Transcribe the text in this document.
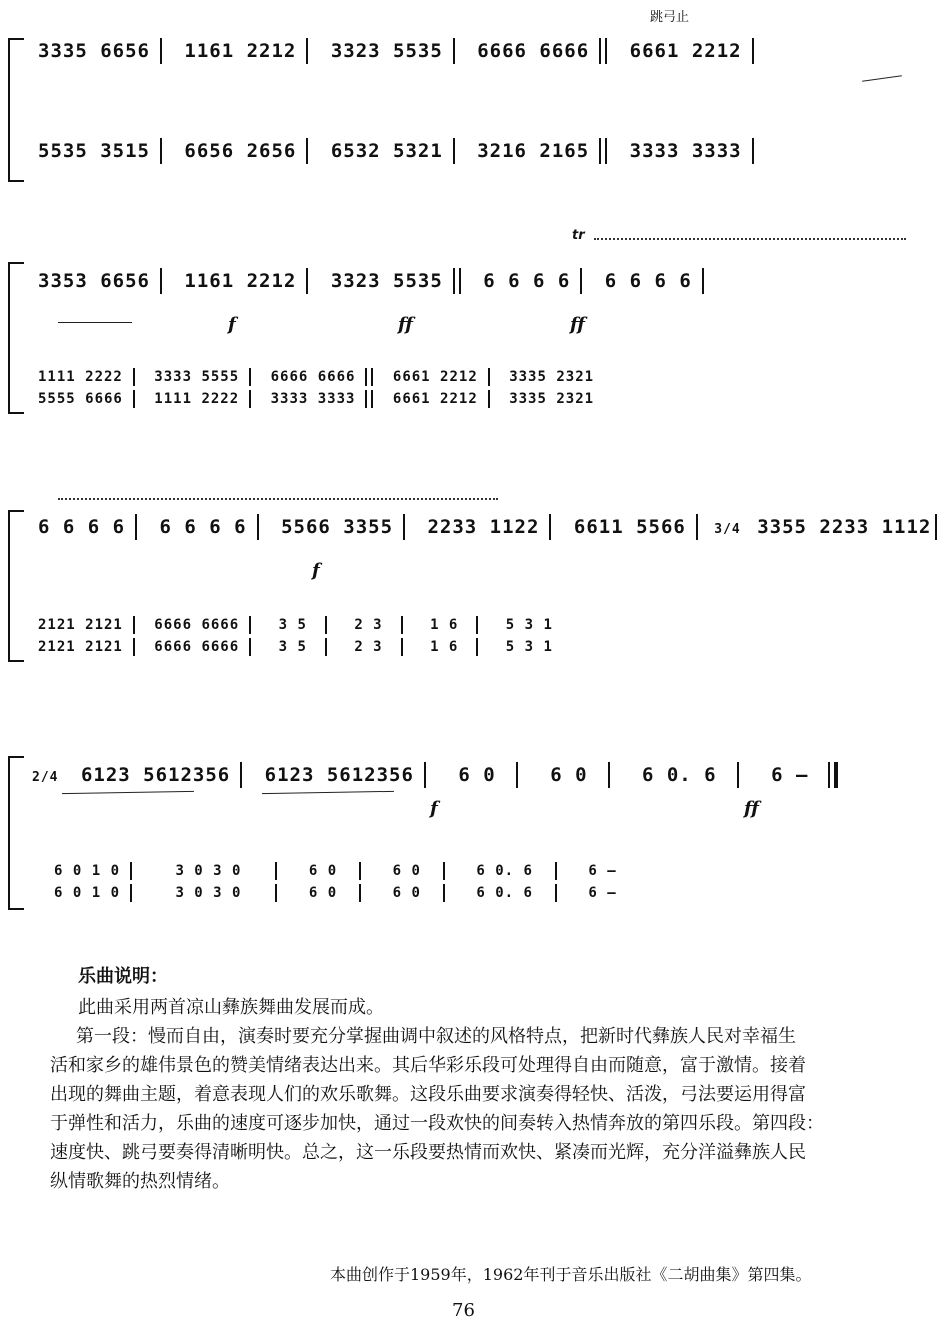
跳弓止
3335 6656 1161 2212 3323 5535 6666 6666 6661 2212
5535 3515 6656 2656 6532 5321 3216 2165 3333 3333
tr
3353 6656 1161 2212 3323 5535 6 6 6 6 6 6 6 6
f	ff	ff
1111 2222 3333 5555 6666 6666	6661 2212 3335 2321
5555 6666 1111 2222 3333 3333	6661 2212 3335 2321
6 6 6 6 6 6 6 6 5566 3355 2233 1122 6611 5566 3/4 3355 2233 1112
f
2121 2121 6666 6666	3 5	2 3	1 6	5 3 1
2121 2121 6666 6666	3 5	2 3	1 6	5 3 1
2/4 6123 5612356 6123 5612356 6 0	6 0	6 0. 6	6 –
f	ff
6 0 1 0	3 0 3 0	6 0	6 0	6 0. 6	6 –
6 0 1 0	3 0 3 0	6 0	6 0	6 0. 6	6 –
乐曲说明：

此曲采用两首凉山彝族舞曲发展而成。

第一段：慢而自由，演奏时要充分掌握曲调中叙述的风格特点，把新时代彝族人民对幸福生

活和家乡的雄伟景色的赞美情绪表达出来。其后华彩乐段可处理得自由而随意，富于激情。接着

出现的舞曲主题，着意表现人们的欢乐歌舞。这段乐曲要求演奏得轻快、活泼，弓法要运用得富

于弹性和活力，乐曲的速度可逐步加快，通过一段欢快的间奏转入热情奔放的第四乐段。第四段：

速度快、跳弓要奏得清晰明快。总之，这一乐段要热情而欢快、紧凑而光辉，充分洋溢彝族人民

纵情歌舞的热烈情绪。

本曲创作于1959年，1962年刊于音乐出版社《二胡曲集》第四集。
76
